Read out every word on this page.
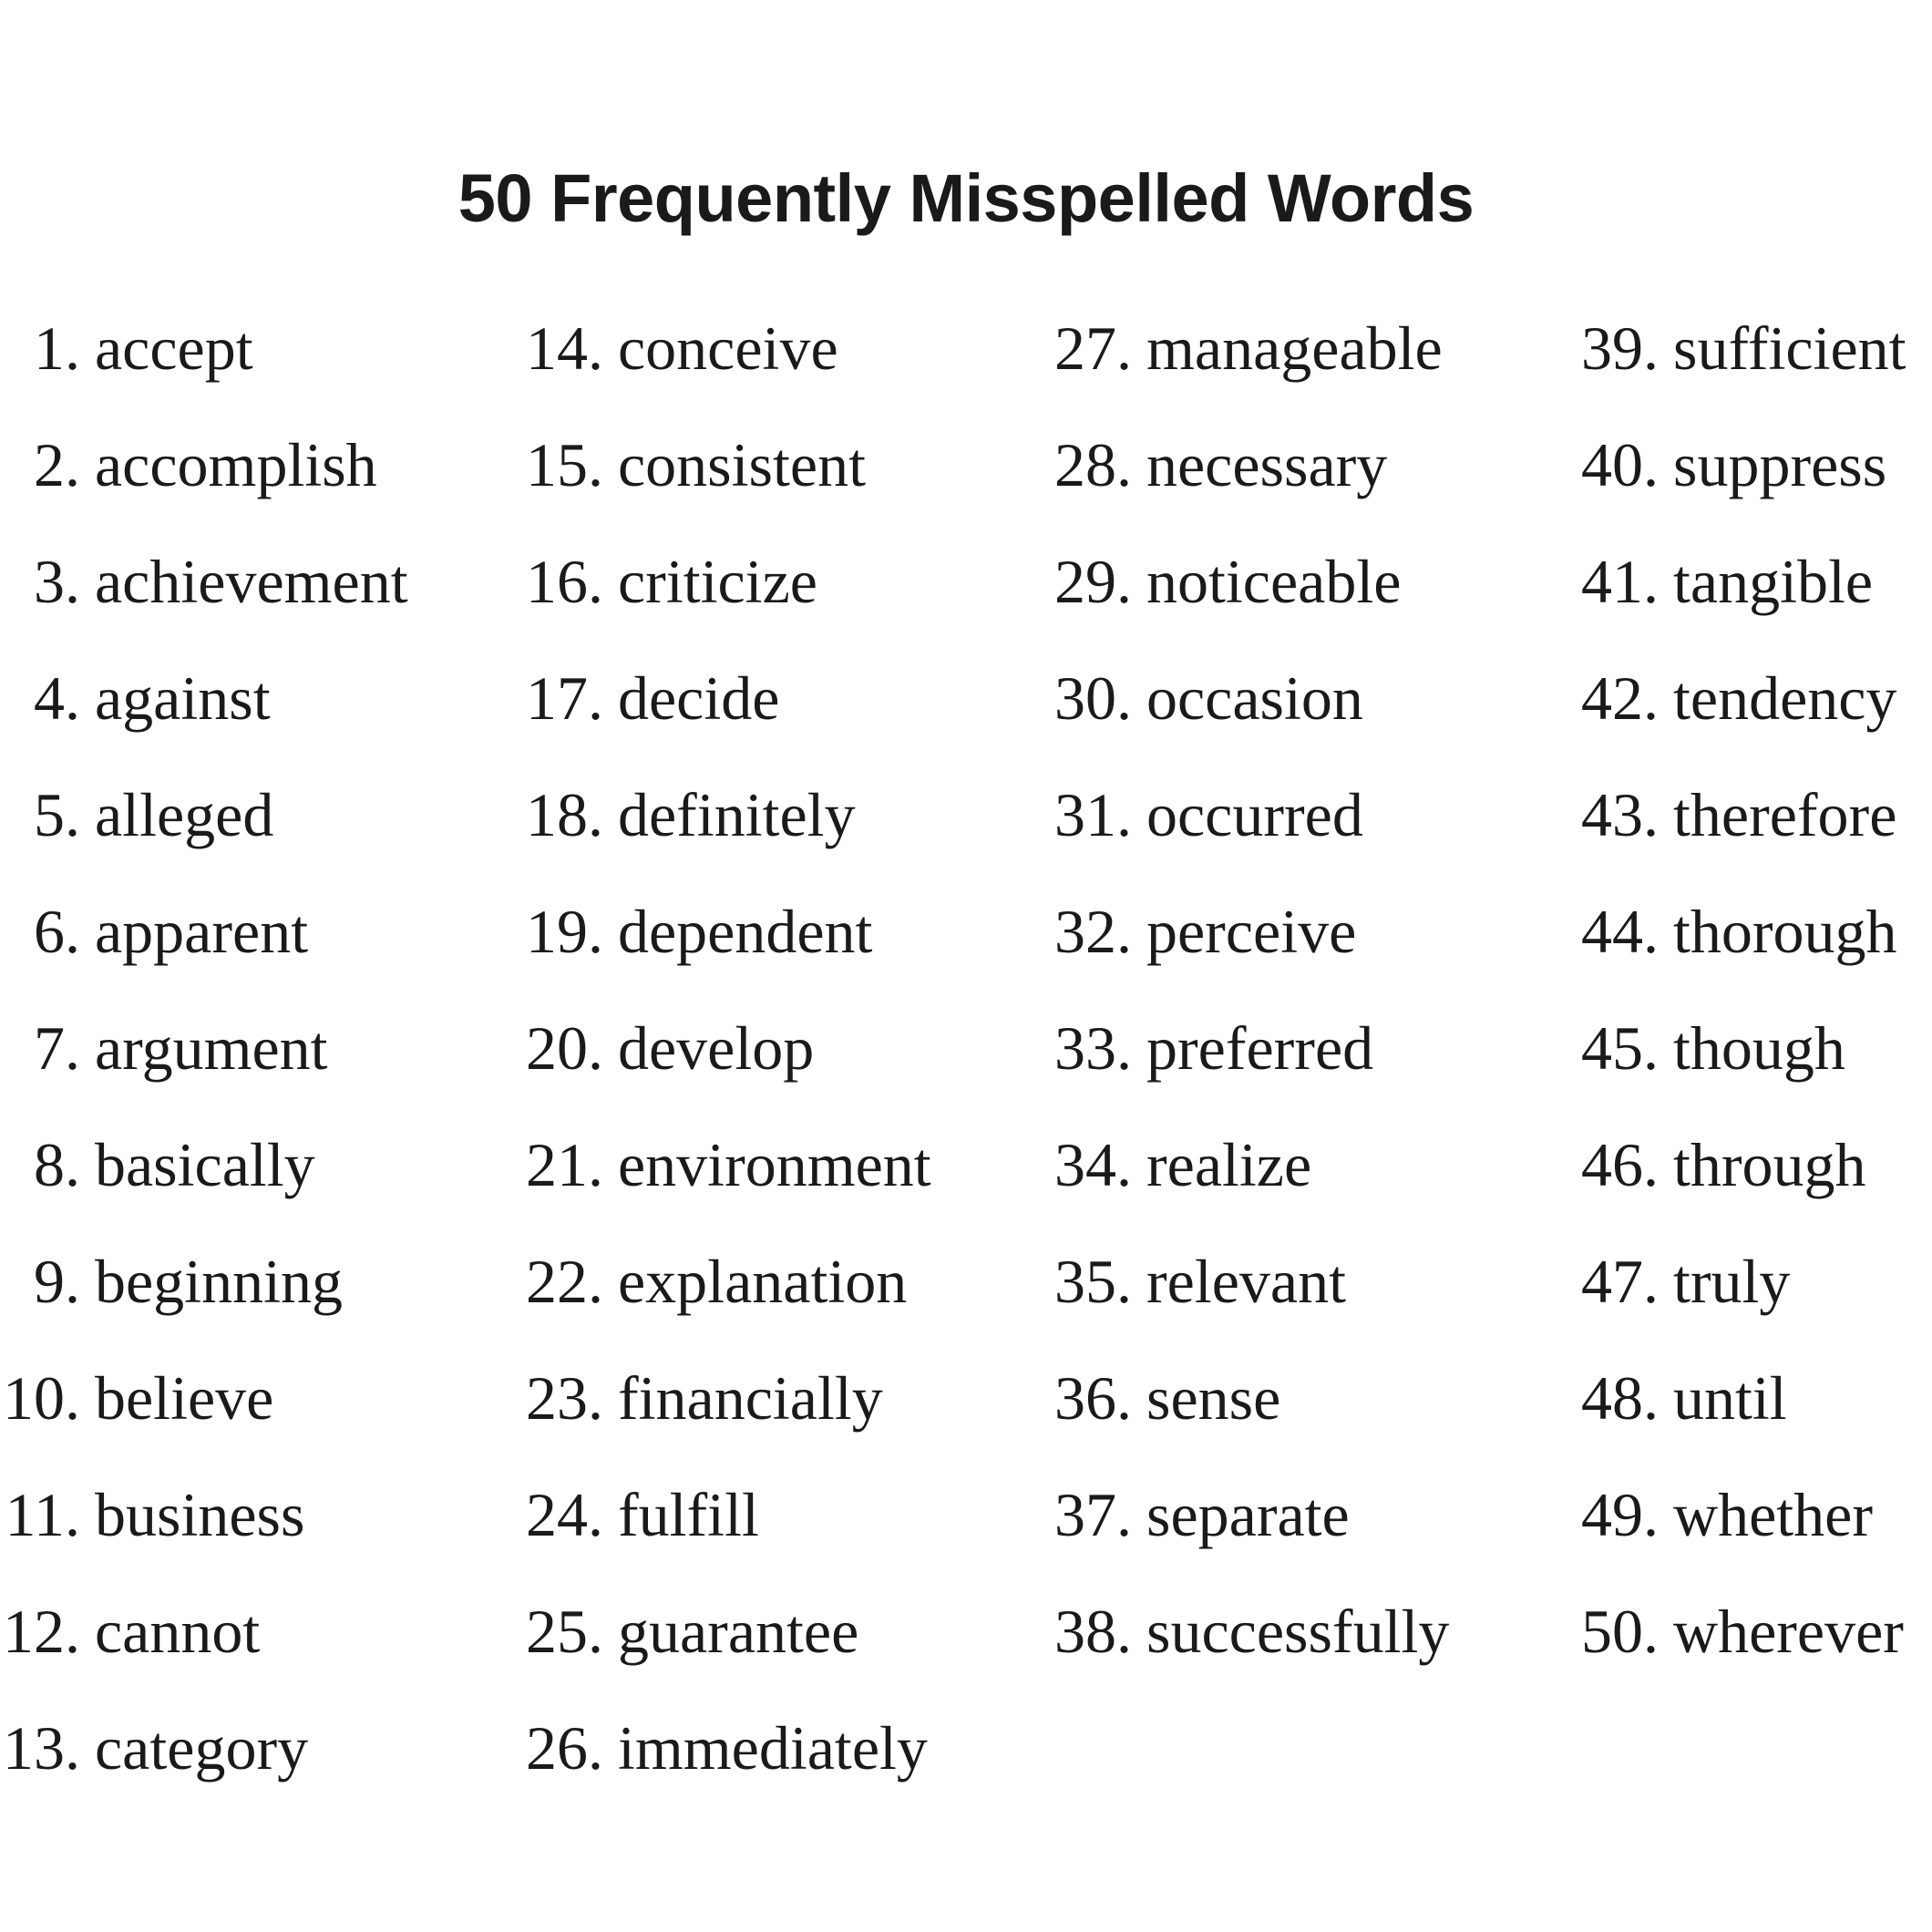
50 Frequently Misspelled Words
1. accept
2. accomplish
3. achievement
4. against
5. alleged
6. apparent
7. argument
8. basically
9. beginning
10. believe
11. business
12. cannot
13. category
14. conceive
15. consistent
16. criticize
17. decide
18. definitely
19. dependent
20. develop
21. environment
22. explanation
23. financially
24. fulfill
25. guarantee
26. immediately
27. manageable
28. necessary
29. noticeable
30. occasion
31. occurred
32. perceive
33. preferred
34. realize
35. relevant
36. sense
37. separate
38. successfully
39. sufficient
40. suppress
41. tangible
42. tendency
43. therefore
44. thorough
45. though
46. through
47. truly
48. until
49. whether
50. wherever
